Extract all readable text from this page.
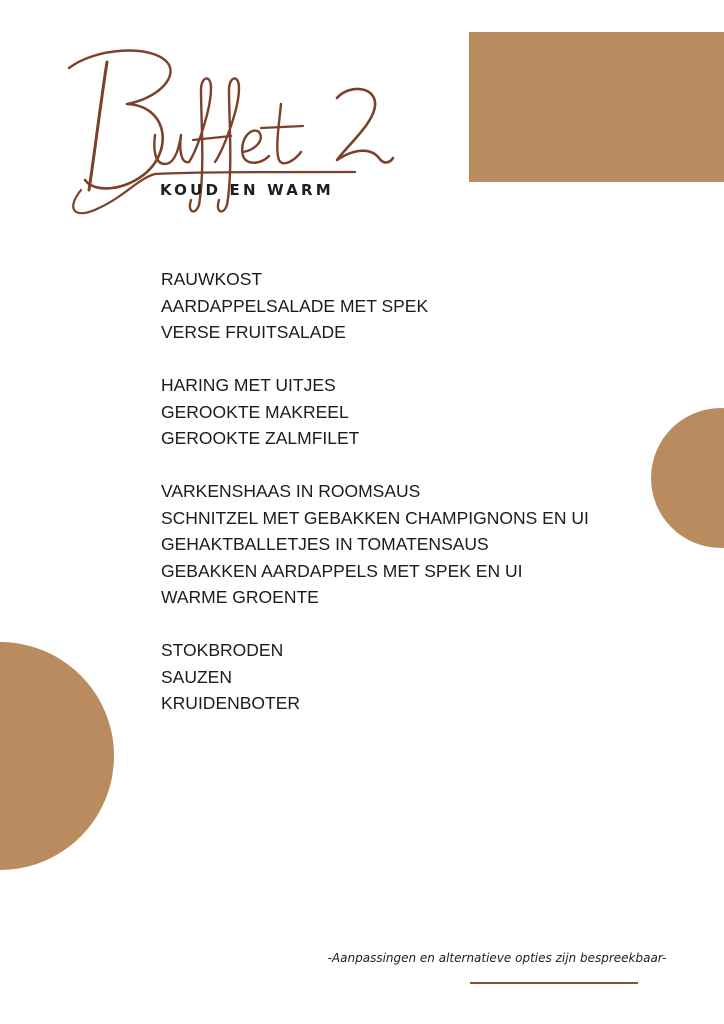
KOUD EN WARM
RAUWKOST
AARDAPPELSALADE MET SPEK
VERSE FRUITSALADE
HARING MET UITJES
GEROOKTE MAKREEL
GEROOKTE ZALMFILET
VARKENSHAAS IN ROOMSAUS
SCHNITZEL MET GEBAKKEN CHAMPIGNONS EN UI
GEHAKTBALLETJES IN TOMATENSAUS
GEBAKKEN AARDAPPELS MET SPEK EN UI
WARME GROENTE
STOKBRODEN
SAUZEN
KRUIDENBOTER
-Aanpassingen en alternatieve opties zijn bespreekbaar-
